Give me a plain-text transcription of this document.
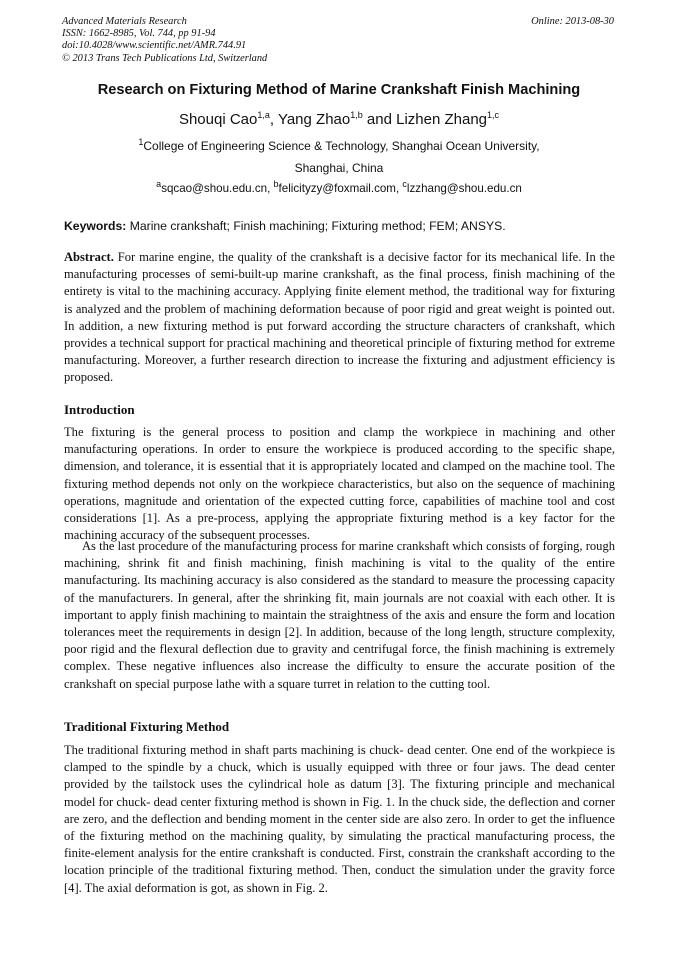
Advanced Materials Research
ISSN: 1662-8985, Vol. 744, pp 91-94
doi:10.4028/www.scientific.net/AMR.744.91
© 2013 Trans Tech Publications Ltd, Switzerland
Online: 2013-08-30
Research on Fixturing Method of Marine Crankshaft Finish Machining
Shouqi Cao$^{1,a}$, Yang Zhao$^{1,b}$ and Lizhen Zhang$^{1,c}$
$^1$College of Engineering Science & Technology, Shanghai Ocean University,
Shanghai, China
$^a$sqcao@shou.edu.cn, $^b$felicityzy@foxmail.com, $^c$lzzhang@shou.edu.cn
Keywords: Marine crankshaft; Finish machining; Fixturing method; FEM; ANSYS.

Abstract. For marine engine, the quality of the crankshaft is a decisive factor for its mechanical life. In the manufacturing processes of semi-built-up marine crankshaft, as the final process, finish machining of the entirety is vital to the machining accuracy. Applying finite element method, the traditional way for fixturing is analyzed and the problem of machining deformation because of poor rigid and great weight is pointed out. In addition, a new fixturing method is put forward according the structure characters of crankshaft, which provides a technical support for practical machining and theoretical principle of fixturing method for extreme manufacturing. Moreover, a further research direction to increase the fixturing and adjustment efficiency is proposed.

Introduction

The fixturing is the general process to position and clamp the workpiece in machining and other manufacturing operations. In order to ensure the workpiece is produced according to the specific shape, dimension, and tolerance, it is essential that it is appropriately located and clamped on the machine tool. The fixturing method depends not only on the workpiece characteristics, but also on the sequence of machining operations, magnitude and orientation of the expected cutting force, capabilities of machine tool and cost considerations [1]. As a pre-process, applying the appropriate fixturing method is a key factor for the machining accuracy of the subsequent processes.

As the last procedure of the manufacturing process for marine crankshaft which consists of forging, rough machining, shrink fit and finish machining, finish machining is vital to the quality of the entire manufacturing. Its machining accuracy is also considered as the standard to measure the processing capacity of the manufacturers. In general, after the shrinking fit, main journals are not coaxial with each other. It is important to apply finish machining to maintain the straightness of the axis and ensure the form and location tolerances meet the requirements in design [2]. In addition, because of the long length, structure complexity, poor rigid and the flexural deflection due to gravity and centrifugal force, the finish machining is extremely complex. These negative influences also increase the difficulty to ensure the accurate position of the crankshaft on special purpose lathe with a square turret in relation to the cutting tool.

Traditional Fixturing Method

The traditional fixturing method in shaft parts machining is chuck- dead center. One end of the workpiece is clamped to the spindle by a chuck, which is usually equipped with three or four jaws. The dead center provided by the tailstock uses the cylindrical hole as datum [3]. The fixturing principle and mechanical model for chuck- dead center fixturing method is shown in Fig. 1. In the chuck side, the deflection and corner are zero, and the deflection and bending moment in the center side are also zero. In order to get the influence of the fixturing method on the machining quality, by simulating the practical manufacturing process, the finite-element analysis for the entire crankshaft is conducted. First, constrain the crankshaft according to the location principle of the traditional fixturing method. Then, conduct the simulation under the gravity force [4]. The axial deformation is got, as shown in Fig. 2.
